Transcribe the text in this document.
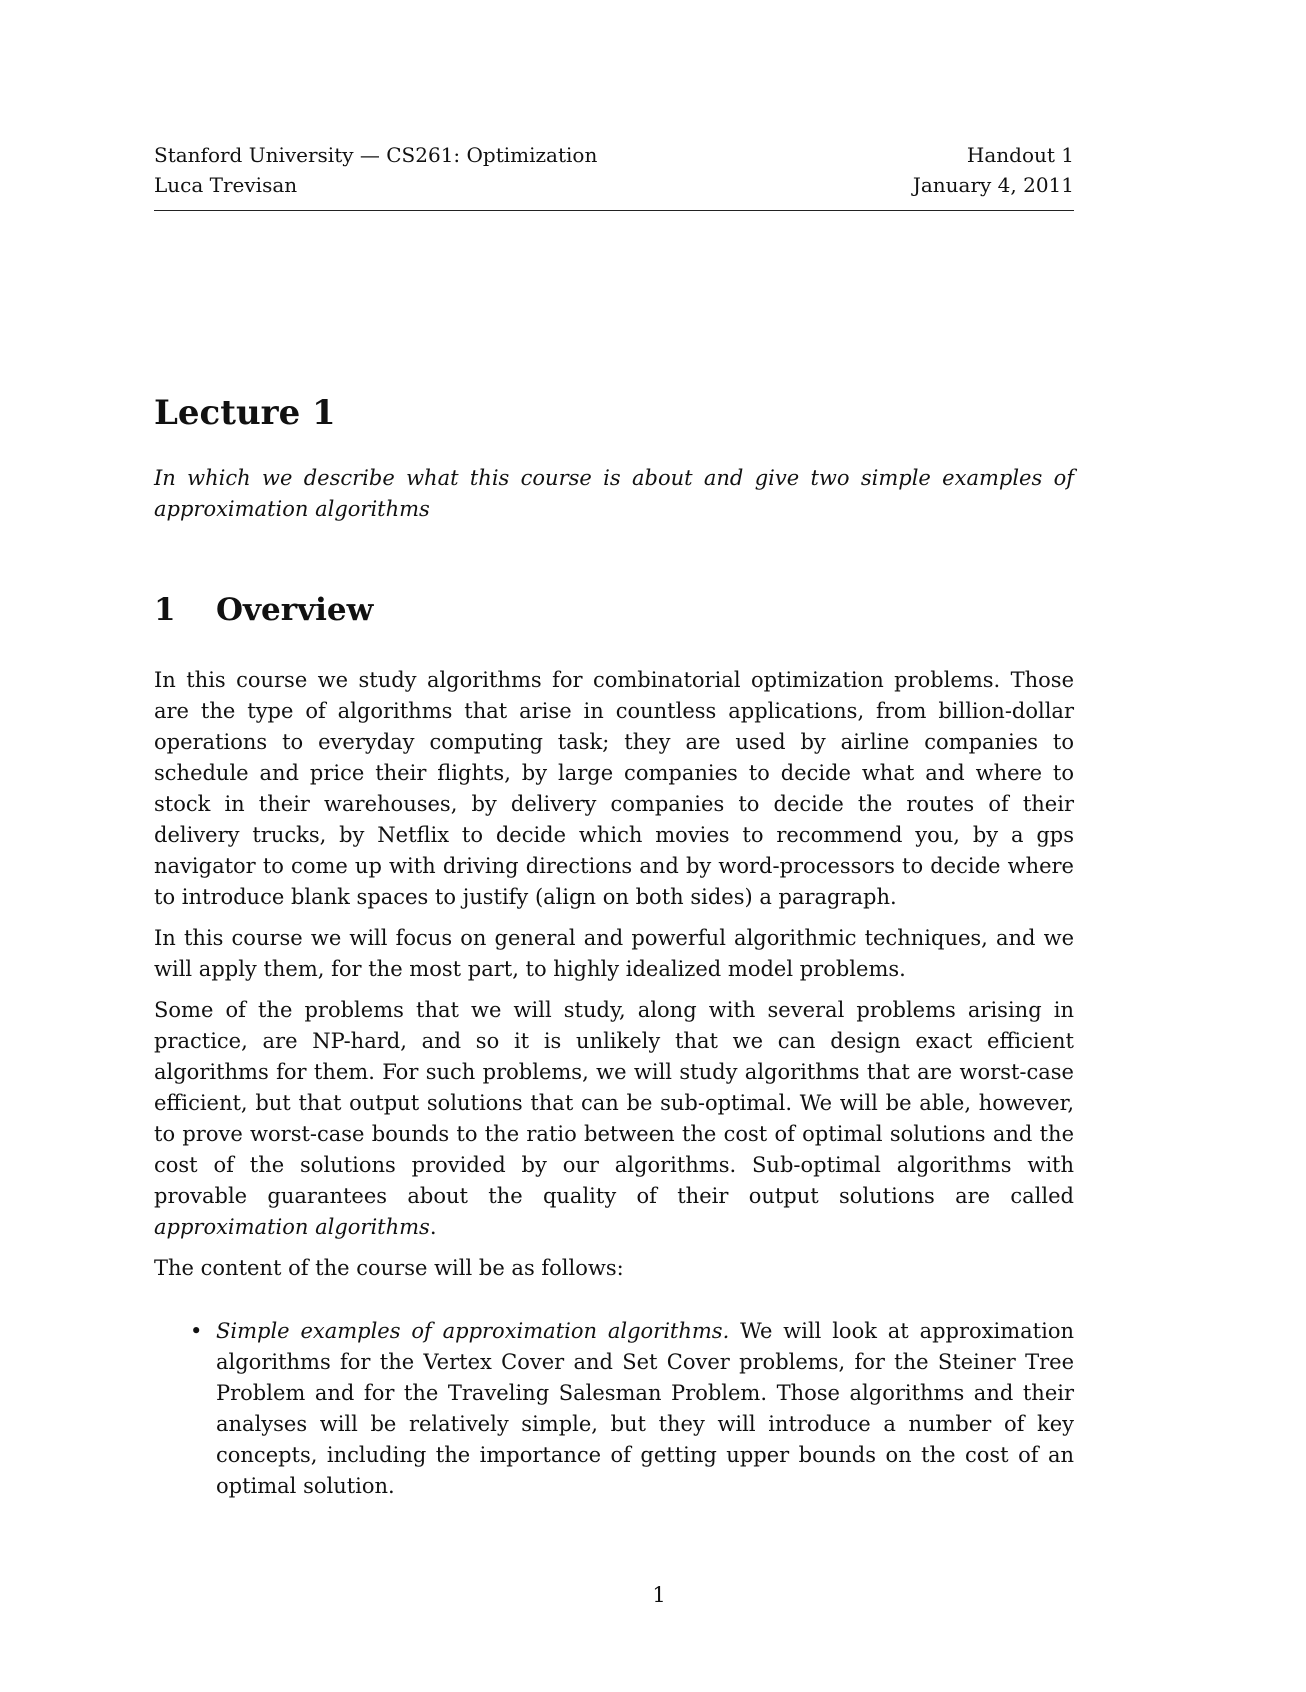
Stanford University — CS261: Optimization
Luca Trevisan
Handout 1
January 4, 2011
Lecture 1
In which we describe what this course is about and give two simple examples of approximation algorithms
1	Overview

In this course we study algorithms for combinatorial optimization problems. Those are the type of algorithms that arise in countless applications, from billion-dollar operations to everyday computing task; they are used by airline companies to schedule and price their flights, by large companies to decide what and where to stock in their warehouses, by delivery companies to decide the routes of their delivery trucks, by Netflix to decide which movies to recommend you, by a gps navigator to come up with driving directions and by word-processors to decide where to introduce blank spaces to justify (align on both sides) a paragraph.

In this course we will focus on general and powerful algorithmic techniques, and we will apply them, for the most part, to highly idealized model problems.

Some of the problems that we will study, along with several problems arising in practice, are NP-hard, and so it is unlikely that we can design exact efficient algorithms for them. For such problems, we will study algorithms that are worst-case efficient, but that output solutions that can be sub-optimal. We will be able, however, to prove worst-case bounds to the ratio between the cost of optimal solutions and the cost of the solutions provided by our algorithms. Sub-optimal algorithms with provable guarantees about the quality of their output solutions are called approximation algorithms.

The content of the course will be as follows:

• Simple examples of approximation algorithms. We will look at approximation algorithms for the Vertex Cover and Set Cover problems, for the Steiner Tree Problem and for the Traveling Salesman Problem. Those algorithms and their analyses will be relatively simple, but they will introduce a number of key concepts, including the importance of getting upper bounds on the cost of an optimal solution.
1
